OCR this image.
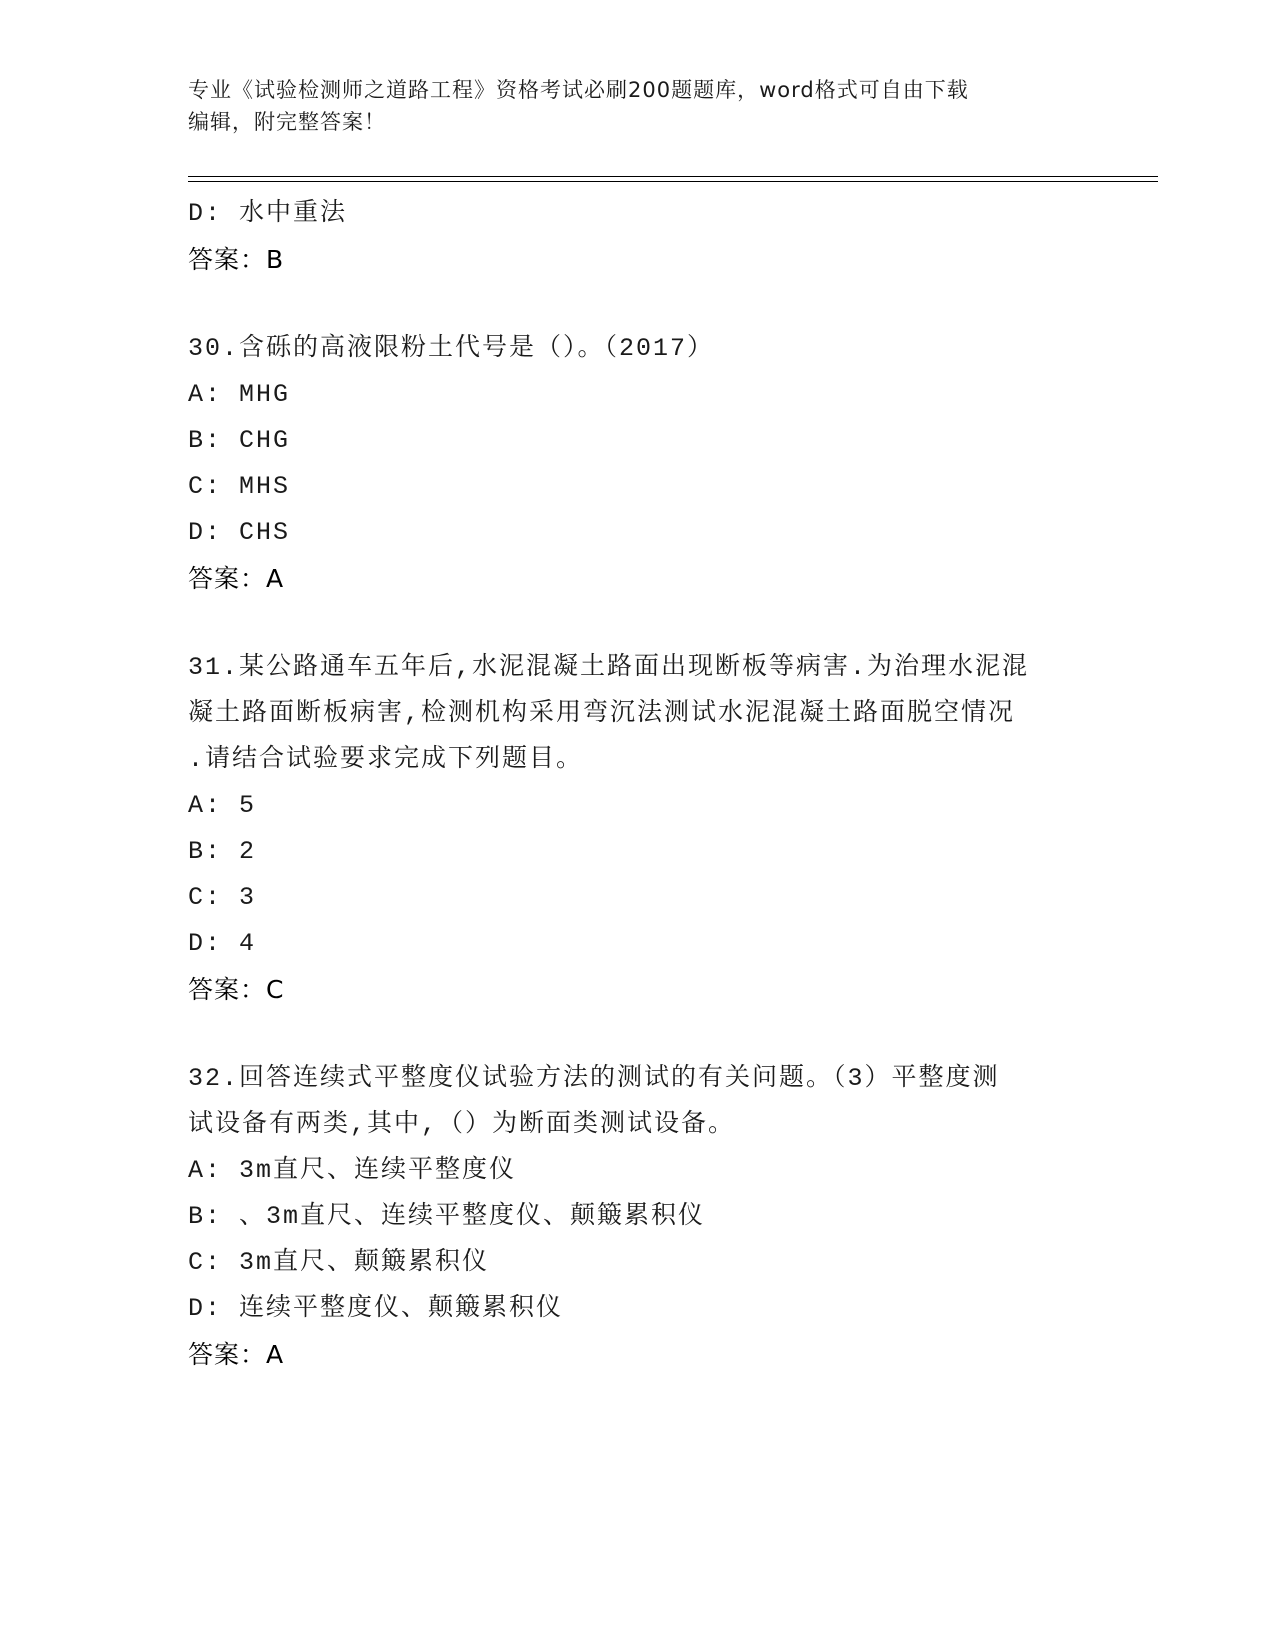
专业《试验检测师之道路工程》资格考试必刷200题题库，word格式可自由下载
编辑，附完整答案！
D: 水中重法
答案：B
30.含砾的高液限粉土代号是（）。（2017）
A: MHG
B: CHG
C: MHS
D: CHS
答案：A
31.某公路通车五年后,水泥混凝土路面出现断板等病害.为治理水泥混
凝土路面断板病害,检测机构采用弯沉法测试水泥混凝土路面脱空情况
.请结合试验要求完成下列题目。
A: 5
B: 2
C: 3
D: 4
答案：C
32.回答连续式平整度仪试验方法的测试的有关问题。（3）平整度测
试设备有两类,其中,（）为断面类测试设备。
A: 3m直尺、连续平整度仪
B: 、3m直尺、连续平整度仪、颠簸累积仪
C: 3m直尺、颠簸累积仪
D: 连续平整度仪、颠簸累积仪
答案：A
